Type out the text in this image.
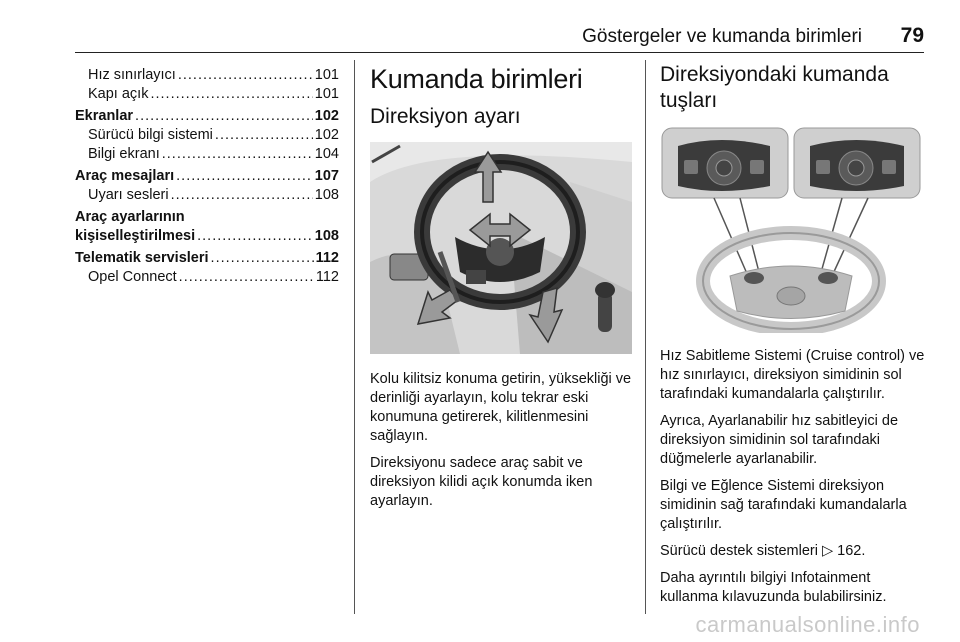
Göstergeler ve kumanda birimleri 79
Hız sınırlayıcı .....	101
Kapı açık .....	101
Ekranlar .....	102
Sürücü bilgi sistemi .....	102
Bilgi ekranı .....	104
Araç mesajları .....	107
Uyarı sesleri .....	108
Araç ayarlarının
kişiselleştirilmesi .....	108
Telematik servisleri .....	112
Opel Connect .....	112
Kumanda birimleri
Direksiyon ayarı

Kolu kilitsiz konuma getirin, yüksekliği ve derinliği ayarlayın, kolu tekrar eski konumuna getirerek, kilitlenmesini sağlayın.

Direksiyonu sadece araç sabit ve direksiyon kilidi açık konumda iken ayarlayın.

Direksiyondaki kumanda tuşları

Hız Sabitleme Sistemi (Cruise control) ve hız sınırlayıcı, direksiyon simidinin sol tarafındaki kumandalarla çalıştırılır.

Ayrıca, Ayarlanabilir hız sabitleyici de direksiyon simidinin sol tarafındaki düğmelerle ayarlanabilir.

Bilgi ve Eğlence Sistemi direksiyon simidinin sağ tarafındaki kumandalarla çalıştırılır.

Sürücü destek sistemleri ▷ 162.

Daha ayrıntılı bilgiyi Infotainment kullanma kılavuzunda bulabilirsiniz.

carmanualsonline.info
